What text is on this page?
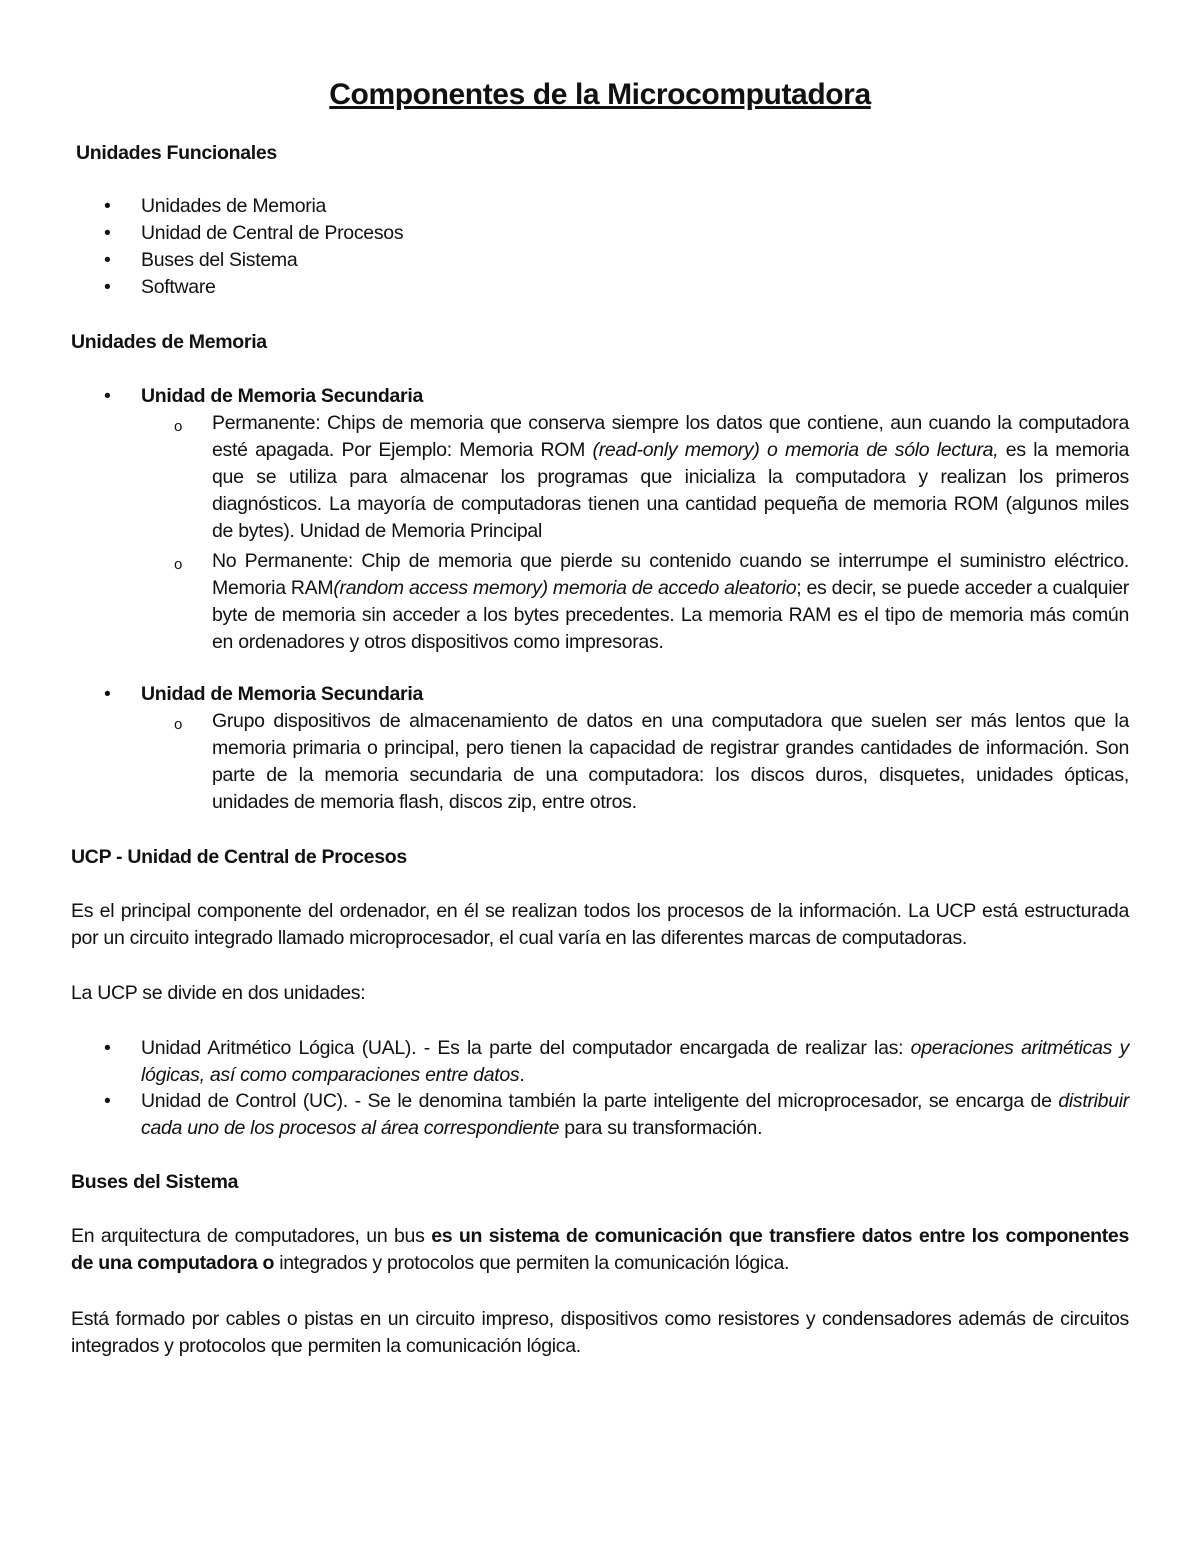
Componentes de la Microcomputadora
Unidades Funcionales
• Unidades de Memoria
• Unidad de Central de Procesos
• Buses del Sistema
• Software
Unidades de Memoria
• Unidad de Memoria Secundaria
o Permanente: Chips de memoria que conserva siempre los datos que contiene, aun cuando la computadora esté apagada. Por Ejemplo: Memoria ROM (read-only memory) o memoria de sólo lectura, es la memoria que se utiliza para almacenar los programas que inicializa la computadora y realizan los primeros diagnósticos. La mayoría de computadoras tienen una cantidad pequeña de memoria ROM (algunos miles de bytes). Unidad de Memoria Principal
o No Permanente: Chip de memoria que pierde su contenido cuando se interrumpe el suministro eléctrico. Memoria RAM(random access memory) memoria de accedo aleatorio; es decir, se puede acceder a cualquier byte de memoria sin acceder a los bytes precedentes. La memoria RAM es el tipo de memoria más común en ordenadores y otros dispositivos como impresoras.
• Unidad de Memoria Secundaria
o Grupo dispositivos de almacenamiento de datos en una computadora que suelen ser más lentos que la memoria primaria o principal, pero tienen la capacidad de registrar grandes cantidades de información. Son parte de la memoria secundaria de una computadora: los discos duros, disquetes, unidades ópticas, unidades de memoria flash, discos zip, entre otros.
UCP - Unidad de Central de Procesos
Es el principal componente del ordenador, en él se realizan todos los procesos de la información. La UCP está estructurada por un circuito integrado llamado microprocesador, el cual varía en las diferentes marcas de computadoras.
La UCP se divide en dos unidades:
• Unidad Aritmético Lógica (UAL). - Es la parte del computador encargada de realizar las: operaciones aritméticas y lógicas, así como comparaciones entre datos.
• Unidad de Control (UC). - Se le denomina también la parte inteligente del microprocesador, se encarga de distribuir cada uno de los procesos al área correspondiente para su transformación.
Buses del Sistema
En arquitectura de computadores, un bus es un sistema de comunicación que transfiere datos entre los componentes de una computadora o integrados y protocolos que permiten la comunicación lógica.
Está formado por cables o pistas en un circuito impreso, dispositivos como resistores y condensadores además de circuitos integrados y protocolos que permiten la comunicación lógica.
